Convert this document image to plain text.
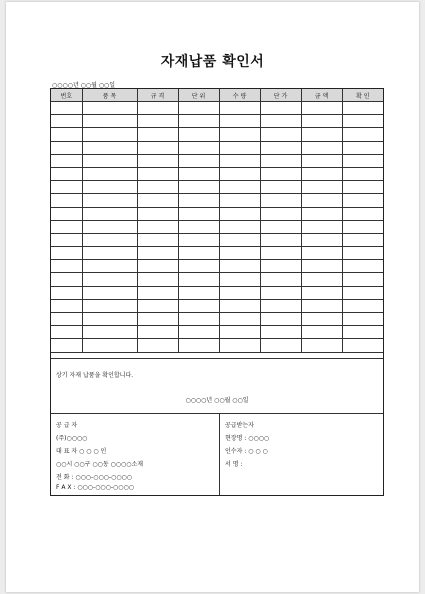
자재납품 확인서
○○○○년 ○○월 ○○일
번호	품 목	규 격	단 위	수 량	단 가	금 액	확 인

상기 자재 납품을 확인합니다.
○○○○년 ○○월 ○○일
공 급 자
(주)○○○○
대 표 자 ○ ○ ○ 인
○○시 ○○구 ○○동 ○○○○소재
전 화 : ○○○-○○○-○○○○
F A X : ○○○-○○○-○○○○
공급받는자
현장명 : ○○○○
인수자 : ○ ○ ○
서 명 :
